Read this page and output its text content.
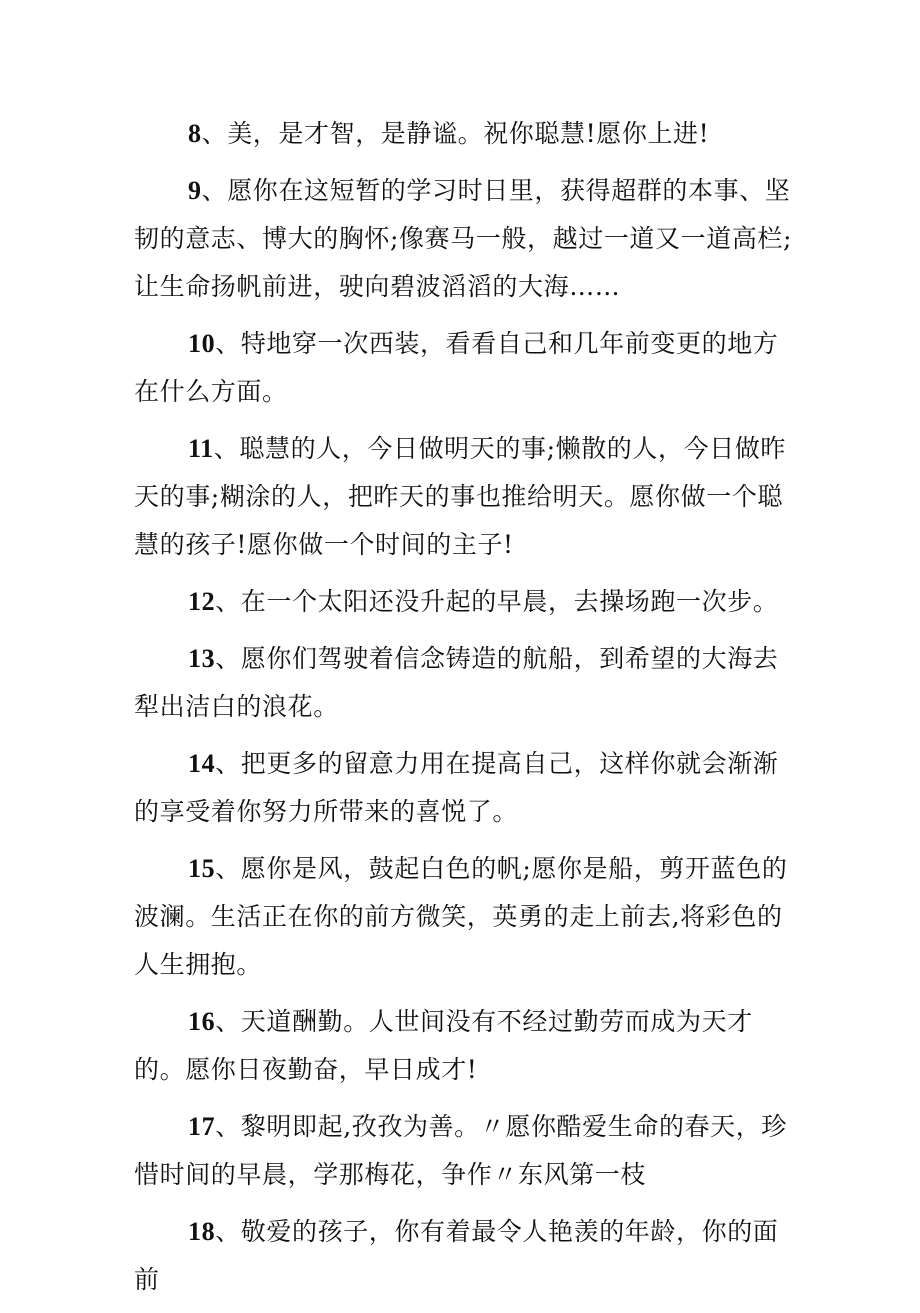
8、美，是才智，是静谧。祝你聪慧!愿你上进!

9、愿你在这短暂的学习时日里，获得超群的本事、坚韧的意志、博大的胸怀;像赛马一般，越过一道又一道高栏;让生命扬帆前进，驶向碧波滔滔的大海……

10、特地穿一次西装，看看自己和几年前变更的地方在什么方面。

11、聪慧的人，今日做明天的事;懒散的人，今日做昨天的事;糊涂的人，把昨天的事也推给明天。愿你做一个聪慧的孩子!愿你做一个时间的主子!

12、在一个太阳还没升起的早晨，去操场跑一次步。

13、愿你们驾驶着信念铸造的航船，到希望的大海去犁出洁白的浪花。

14、把更多的留意力用在提高自己，这样你就会渐渐的享受着你努力所带来的喜悦了。

15、愿你是风，鼓起白色的帆;愿你是船，剪开蓝色的波澜。生活正在你的前方微笑，英勇的走上前去,将彩色的人生拥抱。

16、天道酬勤。人世间没有不经过勤劳而成为天才的。愿你日夜勤奋，早日成才!

17、黎明即起,孜孜为善。〃愿你酷爱生命的春天，珍惜时间的早晨，学那梅花，争作〃东风第一枝

18、敬爱的孩子，你有着最令人艳羡的年龄，你的面前
